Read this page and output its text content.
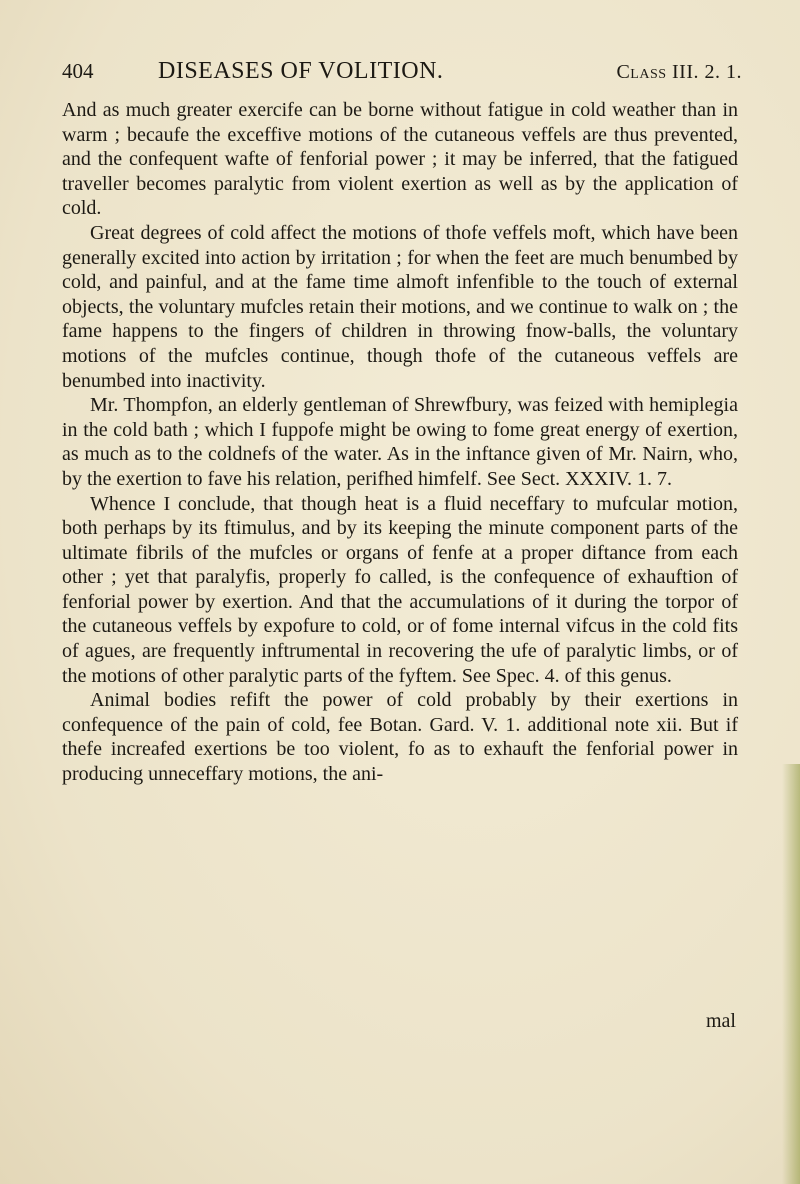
404	DISEASES OF VOLITION.	Class III. 2. 1.

And as much greater exercife can be borne without fatigue in cold weather than in warm ; becaufe the exceffive motions of the cutaneous veffels are thus prevented, and the confequent wafte of fenforial power ; it may be inferred, that the fatigued traveller becomes paralytic from violent exertion as well as by the application of cold.

Great degrees of cold affect the motions of thofe veffels moft, which have been generally excited into action by irritation ; for when the feet are much benumbed by cold, and painful, and at the fame time almoft infenfible to the touch of external objects, the voluntary mufcles retain their motions, and we continue to walk on ; the fame happens to the fingers of children in throwing fnow-balls, the voluntary motions of the mufcles continue, though thofe of the cutaneous veffels are benumbed into inactivity.

Mr. Thompfon, an elderly gentleman of Shrewfbury, was feized with hemiplegia in the cold bath ; which I fuppofe might be owing to fome great energy of exertion, as much as to the coldnefs of the water. As in the inftance given of Mr. Nairn, who, by the exertion to fave his relation, perifhed himfelf. See Sect. XXXIV. 1. 7.

Whence I conclude, that though heat is a fluid neceffary to mufcular motion, both perhaps by its ftimulus, and by its keeping the minute component parts of the ultimate fibrils of the mufcles or organs of fenfe at a proper diftance from each other ; yet that paralyfis, properly fo called, is the confequence of exhauftion of fenforial power by exertion. And that the accumulations of it during the torpor of the cutaneous veffels by expofure to cold, or of fome internal vifcus in the cold fits of agues, are frequently inftrumental in recovering the ufe of paralytic limbs, or of the motions of other paralytic parts of the fyftem. See Spec. 4. of this genus.

Animal bodies refift the power of cold probably by their exertions in confequence of the pain of cold, fee Botan. Gard. V. 1. additional note xii. But if thefe increafed exertions be too violent, fo as to exhauft the fenforial power in producing unneceffary motions, the ani-

mal
